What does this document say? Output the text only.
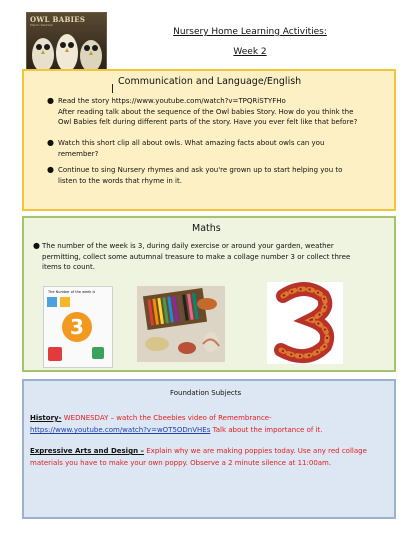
OWL BABIES
Martin Waddell
Nursery Home Learning Activities:
Week 2
Communication and Language/English
● Read the story https://www.youtube.com/watch?v=TPQRiSTYFHo
After reading talk about the sequence of the Owl babies Story. How do you think the
Owl Babies felt during different parts of the story. Have you ever felt like that before?
● Watch this short clip all about owls. What amazing facts about owls can you
remember?
● Continue to sing Nursery rhymes and ask you're grown up to start helping you to
listen to the words that rhyme in it.
Maths
● The number of the week is 3, during daily exercise or around your garden, weather
permitting, collect some autumnal treasure to make a collage number 3 or collect three
items to count.
The Number of the week is
3
Foundation Subjects
History- WEDNESDAY – watch the Cbeebies video of Remembrance-
https://www.youtube.com/watch?v=wOT5ODnVHEs Talk about the importance of it.
Expressive Arts and Design – Explain why we are making poppies today. Use any red collage
materials you have to make your own poppy. Observe a 2 minute silence at 11:00am.
